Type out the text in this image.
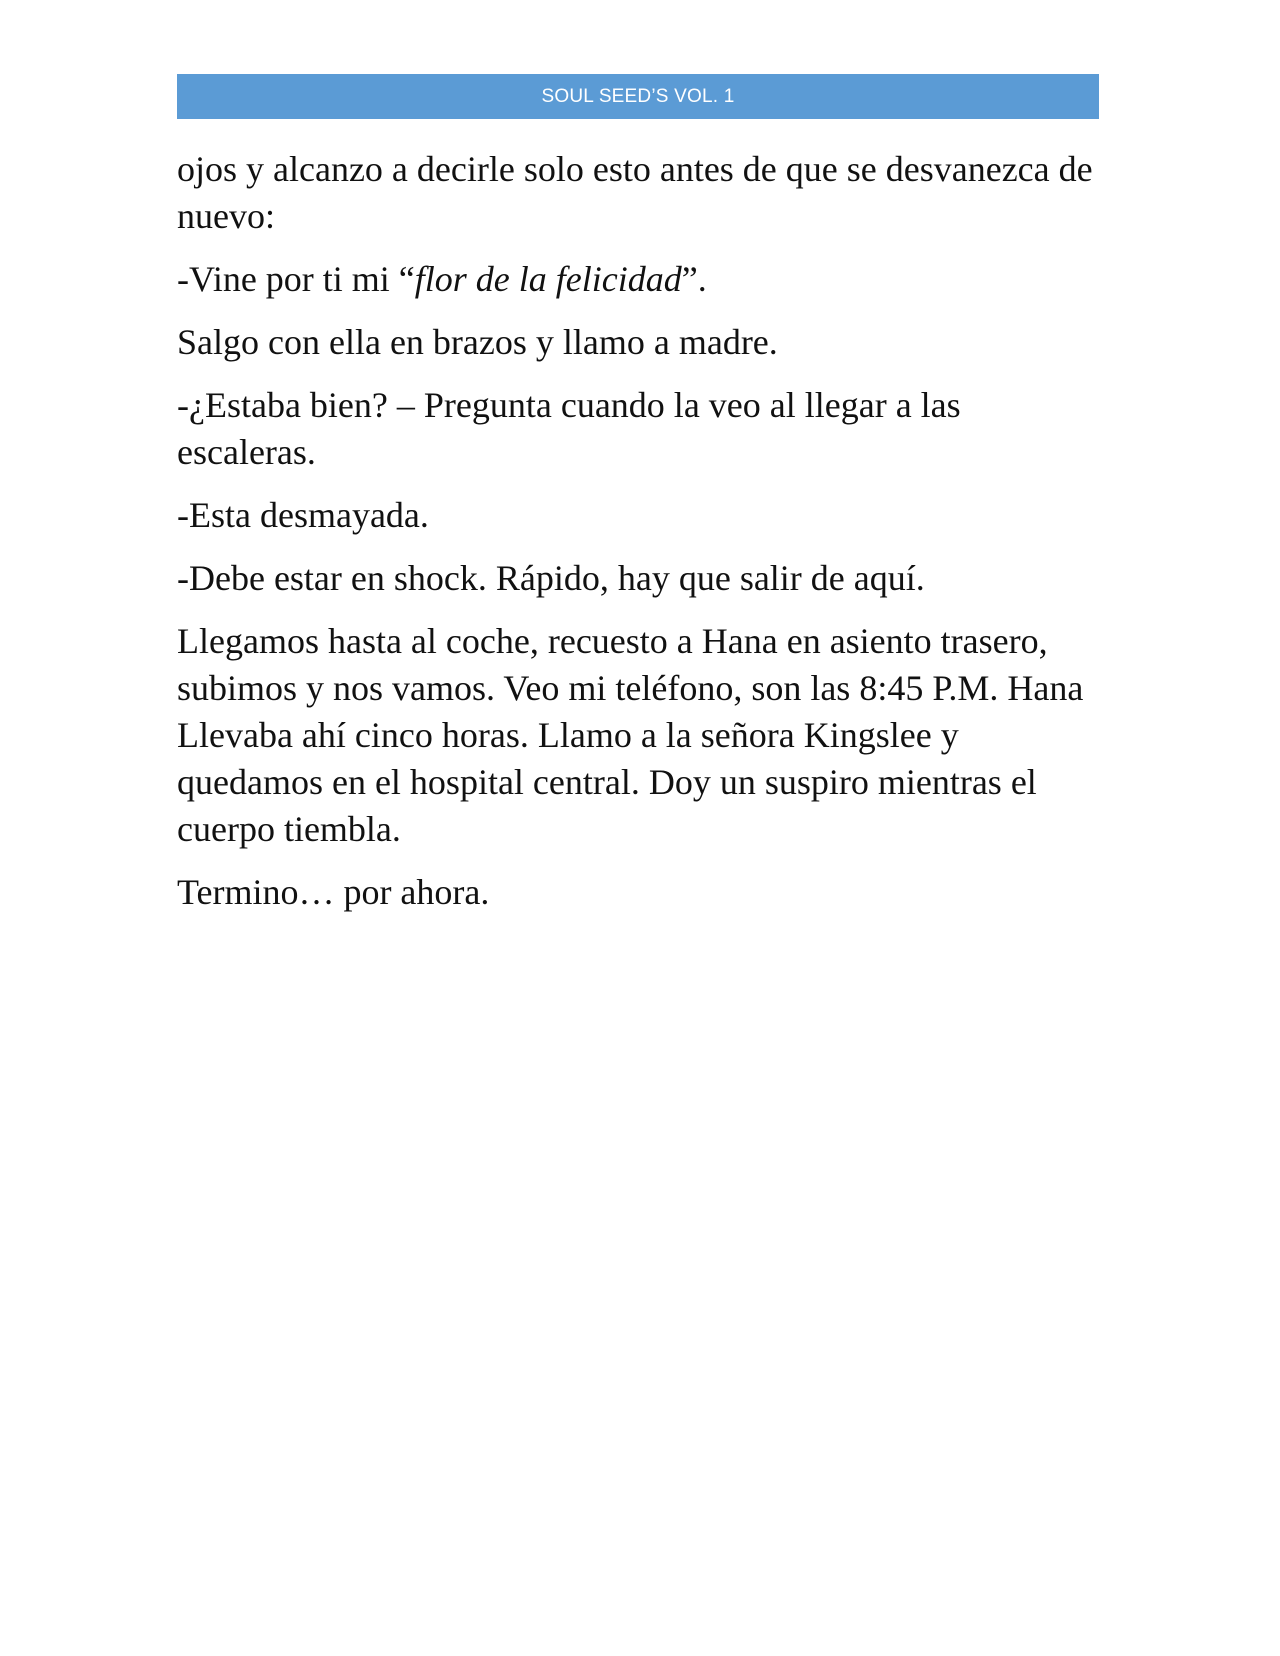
SOUL SEED’S VOL. 1

ojos y alcanzo a decirle solo esto antes de que se desvanezca de nuevo:

-Vine por ti mi “flor de la felicidad”.

Salgo con ella en brazos y llamo a madre.

-¿Estaba bien? – Pregunta cuando la veo al llegar a las escaleras.

-Esta desmayada.

-Debe estar en shock. Rápido, hay que salir de aquí.

Llegamos hasta al coche, recuesto a Hana en asiento trasero, subimos y nos vamos. Veo mi teléfono, son las 8:45 P.M. Hana Llevaba ahí cinco horas. Llamo a la señora Kingslee y quedamos en el hospital central. Doy un suspiro mientras el cuerpo tiembla.

Termino… por ahora.
